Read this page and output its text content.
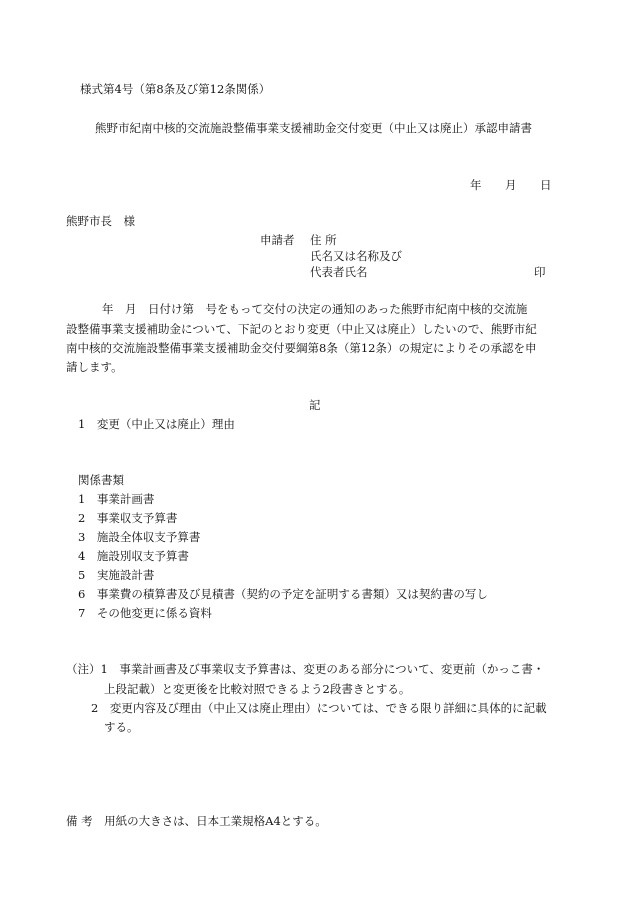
様式第4号（第8条及び第12条関係）
熊野市紀南中核的交流施設整備事業支援補助金交付変更（中止又は廃止）承認申請書
年 月 日
熊野市長　様
申請者 住 所
氏名又は名称及び
代表者氏名	印
　　年　月　日付け第　号をもって交付の決定の通知のあった熊野市紀南中核的交流施
設整備事業支援補助金について、下記のとおり変更（中止又は廃止）したいので、熊野市紀
南中核的交流施設整備事業支援補助金交付要綱第8条（第12条）の規定によりその承認を申
請します。
記
1　変更（中止又は廃止）理由
関係書類
1　事業計画書
2　事業収支予算書
3　施設全体収支予算書
4　施設別収支予算書
5　実施設計書
6　事業費の積算書及び見積書（契約の予定を証明する書類）又は契約書の写し
7　その他変更に係る資料
（注）1　事業計画書及び事業収支予算書は、変更のある部分について、変更前（かっこ書・
上段記載）と変更後を比較対照できるよう2段書きとする。
2　変更内容及び理由（中止又は廃止理由）については、できる限り詳細に具体的に記載
する。
備 考　用紙の大きさは、日本工業規格A4とする。
